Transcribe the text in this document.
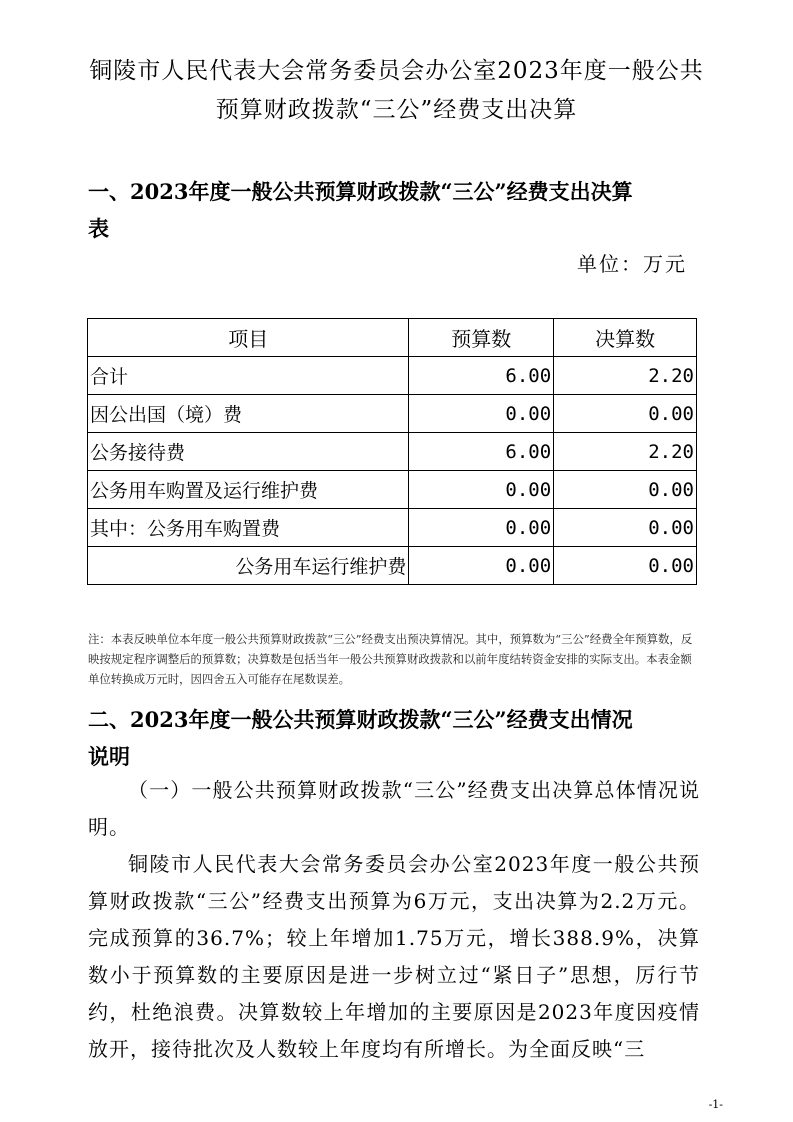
铜陵市人民代表大会常务委员会办公室2023年度一般公共
预算财政拨款“三公”经费支出决算
一、2023年度一般公共预算财政拨款“三公”经费支出决算
表
单位：万元
项目	预算数	决算数
合计	6.00	2.20
因公出国（境）费	0.00	0.00
公务接待费	6.00	2.20
公务用车购置及运行维护费	0.00	0.00
其中：公务用车购置费	0.00	0.00
公务用车运行维护费	0.00	0.00
注：本表反映单位本年度一般公共预算财政拨款“三公”经费支出预决算情况。其中，预算数为“三公”经费全年预算数，反映按规定程序调整后的预算数；决算数是包括当年一般公共预算财政拨款和以前年度结转资金安排的实际支出。本表金额单位转换成万元时，因四舍五入可能存在尾数误差。
二、2023年度一般公共预算财政拨款“三公”经费支出情况
说明

（一）一般公共预算财政拨款“三公”经费支出决算总体情况说明。

铜陵市人民代表大会常务委员会办公室2023年度一般公共预算财政拨款“三公”经费支出预算为6万元，支出决算为2.2万元。完成预算的36.7%；较上年增加1.75万元，增长388.9%，决算数小于预算数的主要原因是进一步树立过“紧日子”思想，厉行节约，杜绝浪费。决算数较上年增加的主要原因是2023年度因疫情放开，接待批次及人数较上年度均有所增长。为全面反映“三

-1-
